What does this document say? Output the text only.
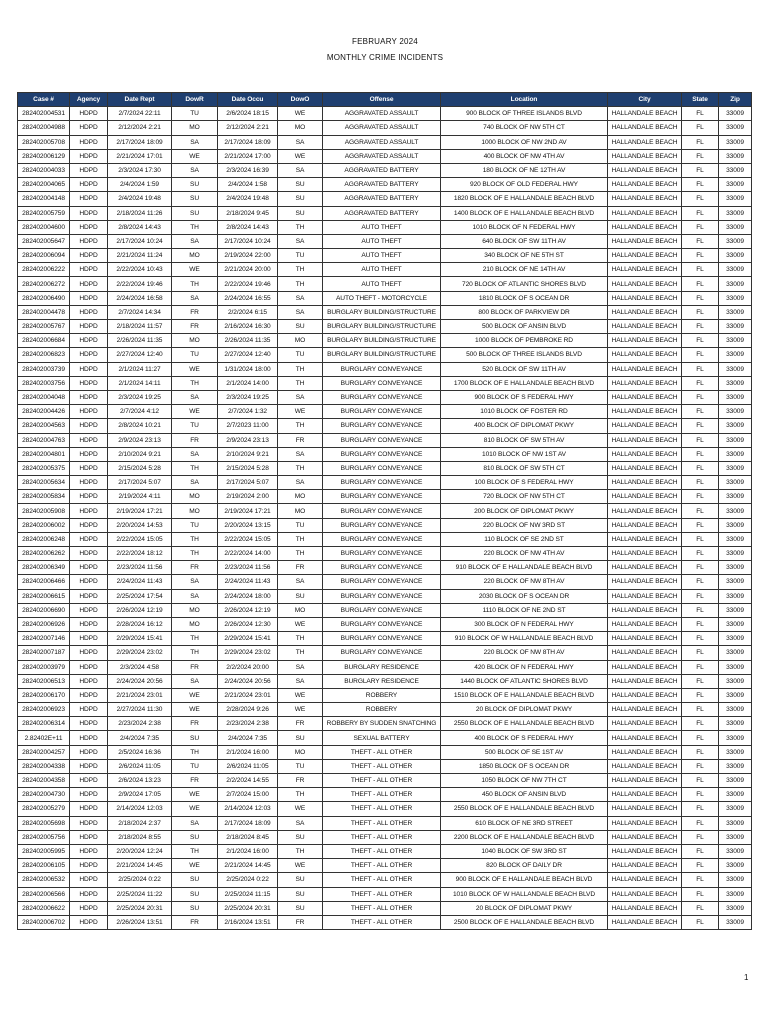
FEBRUARY 2024
MONTHLY CRIME INCIDENTS
Case #	Agency	Date Rept	DowR	Date Occu	DowO	Offense	Location	City	State	Zip
282402004531	HDPD	2/7/2024 22:11	TU	2/6/2024 18:15	WE	AGGRAVATED ASSAULT	900 BLOCK OF THREE ISLANDS BLVD	HALLANDALE BEACH	FL	33009
282402004988	HDPD	2/12/2024 2:21	MO	2/12/2024 2:21	MO	AGGRAVATED ASSAULT	740 BLOCK OF NW 5TH CT	HALLANDALE BEACH	FL	33009
282402005708	HDPD	2/17/2024 18:09	SA	2/17/2024 18:09	SA	AGGRAVATED ASSAULT	1000 BLOCK OF NW 2ND AV	HALLANDALE BEACH	FL	33009
282402006129	HDPD	2/21/2024 17:01	WE	2/21/2024 17:00	WE	AGGRAVATED ASSAULT	400 BLOCK OF NW 4TH AV	HALLANDALE BEACH	FL	33009
282402004033	HDPD	2/3/2024 17:30	SA	2/3/2024 16:39	SA	AGGRAVATED BATTERY	180 BLOCK OF NE 12TH AV	HALLANDALE BEACH	FL	33009
282402004065	HDPD	2/4/2024 1:59	SU	2/4/2024 1:58	SU	AGGRAVATED BATTERY	920 BLOCK OF OLD FEDERAL HWY	HALLANDALE BEACH	FL	33009
282402004148	HDPD	2/4/2024 19:48	SU	2/4/2024 19:48	SU	AGGRAVATED BATTERY	1820 BLOCK OF E HALLANDALE BEACH BLVD	HALLANDALE BEACH	FL	33009
282402005759	HDPD	2/18/2024 11:26	SU	2/18/2024 9:45	SU	AGGRAVATED BATTERY	1400 BLOCK OF E HALLANDALE BEACH BLVD	HALLANDALE BEACH	FL	33009
282402004600	HDPD	2/8/2024 14:43	TH	2/8/2024 14:43	TH	AUTO THEFT	1010 BLOCK OF N FEDERAL HWY	HALLANDALE BEACH	FL	33009
282402005647	HDPD	2/17/2024 10:24	SA	2/17/2024 10:24	SA	AUTO THEFT	640 BLOCK OF SW 11TH AV	HALLANDALE BEACH	FL	33009
282402006094	HDPD	2/21/2024 11:24	MO	2/19/2024 22:00	TU	AUTO THEFT	340 BLOCK OF NE 5TH ST	HALLANDALE BEACH	FL	33009
282402006222	HDPD	2/22/2024 10:43	WE	2/21/2024 20:00	TH	AUTO THEFT	210 BLOCK OF NE 14TH AV	HALLANDALE BEACH	FL	33009
282402006272	HDPD	2/22/2024 19:46	TH	2/22/2024 19:46	TH	AUTO THEFT	720 BLOCK OF ATLANTIC SHORES BLVD	HALLANDALE BEACH	FL	33009
282402006490	HDPD	2/24/2024 16:58	SA	2/24/2024 16:55	SA	AUTO THEFT - MOTORCYCLE	1810 BLOCK OF S OCEAN DR	HALLANDALE BEACH	FL	33009
282402004478	HDPD	2/7/2024 14:34	FR	2/2/2024 6:15	SA	BURGLARY BUILDING/STRUCTURE	800 BLOCK OF PARKVIEW DR	HALLANDALE BEACH	FL	33009
282402005767	HDPD	2/18/2024 11:57	FR	2/16/2024 16:30	SU	BURGLARY BUILDING/STRUCTURE	500 BLOCK OF ANSIN BLVD	HALLANDALE BEACH	FL	33009
282402006684	HDPD	2/26/2024 11:35	MO	2/26/2024 11:35	MO	BURGLARY BUILDING/STRUCTURE	1000 BLOCK OF PEMBROKE RD	HALLANDALE BEACH	FL	33009
282402006823	HDPD	2/27/2024 12:40	TU	2/27/2024 12:40	TU	BURGLARY BUILDING/STRUCTURE	500 BLOCK OF THREE ISLANDS BLVD	HALLANDALE BEACH	FL	33009
282402003739	HDPD	2/1/2024 11:27	WE	1/31/2024 18:00	TH	BURGLARY CONVEYANCE	520 BLOCK OF SW 11TH AV	HALLANDALE BEACH	FL	33009
282402003756	HDPD	2/1/2024 14:11	TH	2/1/2024 14:00	TH	BURGLARY CONVEYANCE	1700 BLOCK OF E HALLANDALE BEACH BLVD	HALLANDALE BEACH	FL	33009
282402004048	HDPD	2/3/2024 19:25	SA	2/3/2024 19:25	SA	BURGLARY CONVEYANCE	900 BLOCK OF S FEDERAL HWY	HALLANDALE BEACH	FL	33009
282402004426	HDPD	2/7/2024 4:12	WE	2/7/2024 1:32	WE	BURGLARY CONVEYANCE	1010 BLOCK OF FOSTER RD	HALLANDALE BEACH	FL	33009
282402004563	HDPD	2/8/2024 10:21	TU	2/7/2023 11:00	TH	BURGLARY CONVEYANCE	400 BLOCK OF DIPLOMAT PKWY	HALLANDALE BEACH	FL	33009
282402004763	HDPD	2/9/2024 23:13	FR	2/9/2024 23:13	FR	BURGLARY CONVEYANCE	810 BLOCK OF SW 5TH AV	HALLANDALE BEACH	FL	33009
282402004801	HDPD	2/10/2024 9:21	SA	2/10/2024 9:21	SA	BURGLARY CONVEYANCE	1010 BLOCK OF NW 1ST AV	HALLANDALE BEACH	FL	33009
282402005375	HDPD	2/15/2024 5:28	TH	2/15/2024 5:28	TH	BURGLARY CONVEYANCE	810 BLOCK OF SW 5TH CT	HALLANDALE BEACH	FL	33009
282402005634	HDPD	2/17/2024 5:07	SA	2/17/2024 5:07	SA	BURGLARY CONVEYANCE	100 BLOCK OF S FEDERAL HWY	HALLANDALE BEACH	FL	33009
282402005834	HDPD	2/19/2024 4:11	MO	2/19/2024 2:00	MO	BURGLARY CONVEYANCE	720 BLOCK OF NW 5TH CT	HALLANDALE BEACH	FL	33009
282402005908	HDPD	2/19/2024 17:21	MO	2/19/2024 17:21	MO	BURGLARY CONVEYANCE	200 BLOCK OF DIPLOMAT PKWY	HALLANDALE BEACH	FL	33009
282402006002	HDPD	2/20/2024 14:53	TU	2/20/2024 13:15	TU	BURGLARY CONVEYANCE	220 BLOCK OF NW 3RD ST	HALLANDALE BEACH	FL	33009
282402006248	HDPD	2/22/2024 15:05	TH	2/22/2024 15:05	TH	BURGLARY CONVEYANCE	110 BLOCK OF SE 2ND ST	HALLANDALE BEACH	FL	33009
282402006262	HDPD	2/22/2024 18:12	TH	2/22/2024 14:00	TH	BURGLARY CONVEYANCE	220 BLOCK OF NW 4TH AV	HALLANDALE BEACH	FL	33009
282402006349	HDPD	2/23/2024 11:56	FR	2/23/2024 11:56	FR	BURGLARY CONVEYANCE	910 BLOCK OF E HALLANDALE BEACH BLVD	HALLANDALE BEACH	FL	33009
282402006466	HDPD	2/24/2024 11:43	SA	2/24/2024 11:43	SA	BURGLARY CONVEYANCE	220 BLOCK OF NW 8TH AV	HALLANDALE BEACH	FL	33009
282402006615	HDPD	2/25/2024 17:54	SA	2/24/2024 18:00	SU	BURGLARY CONVEYANCE	2030 BLOCK OF S OCEAN DR	HALLANDALE BEACH	FL	33009
282402006690	HDPD	2/26/2024 12:19	MO	2/26/2024 12:19	MO	BURGLARY CONVEYANCE	1110 BLOCK OF NE 2ND ST	HALLANDALE BEACH	FL	33009
282402006926	HDPD	2/28/2024 16:12	MO	2/26/2024 12:30	WE	BURGLARY CONVEYANCE	300 BLOCK OF N FEDERAL HWY	HALLANDALE BEACH	FL	33009
282402007146	HDPD	2/29/2024 15:41	TH	2/29/2024 15:41	TH	BURGLARY CONVEYANCE	910 BLOCK OF W HALLANDALE BEACH BLVD	HALLANDALE BEACH	FL	33009
282402007187	HDPD	2/29/2024 23:02	TH	2/29/2024 23:02	TH	BURGLARY CONVEYANCE	220 BLOCK OF NW 8TH AV	HALLANDALE BEACH	FL	33009
282402003979	HDPD	2/3/2024 4:58	FR	2/2/2024 20:00	SA	BURGLARY RESIDENCE	420 BLOCK OF N FEDERAL HWY	HALLANDALE BEACH	FL	33009
282402006513	HDPD	2/24/2024 20:56	SA	2/24/2024 20:56	SA	BURGLARY RESIDENCE	1440 BLOCK OF ATLANTIC SHORES BLVD	HALLANDALE BEACH	FL	33009
282402006170	HDPD	2/21/2024 23:01	WE	2/21/2024 23:01	WE	ROBBERY	1510 BLOCK OF E HALLANDALE BEACH BLVD	HALLANDALE BEACH	FL	33009
282402006923	HDPD	2/27/2024 11:30	WE	2/28/2024 9:26	WE	ROBBERY	20 BLOCK OF DIPLOMAT PKWY	HALLANDALE BEACH	FL	33009
282402006314	HDPD	2/23/2024 2:38	FR	2/23/2024 2:38	FR	ROBBERY BY SUDDEN SNATCHING	2550 BLOCK OF E HALLANDALE BEACH BLVD	HALLANDALE BEACH	FL	33009
2.82402E+11	HDPD	2/4/2024 7:35	SU	2/4/2024 7:35	SU	SEXUAL BATTERY	400 BLOCK OF S FEDERAL HWY	HALLANDALE BEACH	FL	33009
282402004257	HDPD	2/5/2024 16:36	TH	2/1/2024 16:00	MO	THEFT - ALL OTHER	500 BLOCK OF SE 1ST AV	HALLANDALE BEACH	FL	33009
282402004338	HDPD	2/6/2024 11:05	TU	2/6/2024 11:05	TU	THEFT - ALL OTHER	1850 BLOCK OF S OCEAN DR	HALLANDALE BEACH	FL	33009
282402004358	HDPD	2/6/2024 13:23	FR	2/2/2024 14:55	FR	THEFT - ALL OTHER	1050 BLOCK OF NW 7TH CT	HALLANDALE BEACH	FL	33009
282402004730	HDPD	2/9/2024 17:05	WE	2/7/2024 15:00	TH	THEFT - ALL OTHER	450 BLOCK OF ANSIN BLVD	HALLANDALE BEACH	FL	33009
282402005279	HDPD	2/14/2024 12:03	WE	2/14/2024 12:03	WE	THEFT - ALL OTHER	2550 BLOCK OF E HALLANDALE BEACH BLVD	HALLANDALE BEACH	FL	33009
282402005698	HDPD	2/18/2024 2:37	SA	2/17/2024 18:09	SA	THEFT - ALL OTHER	610 BLOCK OF NE 3RD STREET	HALLANDALE BEACH	FL	33009
282402005756	HDPD	2/18/2024 8:55	SU	2/18/2024 8:45	SU	THEFT - ALL OTHER	2200 BLOCK OF E HALLANDALE BEACH BLVD	HALLANDALE BEACH	FL	33009
282402005995	HDPD	2/20/2024 12:24	TH	2/1/2024 16:00	TH	THEFT - ALL OTHER	1040 BLOCK OF SW 3RD ST	HALLANDALE BEACH	FL	33009
282402006105	HDPD	2/21/2024 14:45	WE	2/21/2024 14:45	WE	THEFT - ALL OTHER	820 BLOCK OF DAILY DR	HALLANDALE BEACH	FL	33009
282402006532	HDPD	2/25/2024 0:22	SU	2/25/2024 0:22	SU	THEFT - ALL OTHER	900 BLOCK OF E HALLANDALE BEACH BLVD	HALLANDALE BEACH	FL	33009
282402006566	HDPD	2/25/2024 11:22	SU	2/25/2024 11:15	SU	THEFT - ALL OTHER	1010 BLOCK OF W HALLANDALE BEACH BLVD	HALLANDALE BEACH	FL	33009
282402006622	HDPD	2/25/2024 20:31	SU	2/25/2024 20:31	SU	THEFT - ALL OTHER	20 BLOCK OF DIPLOMAT PKWY	HALLANDALE BEACH	FL	33009
282402006702	HDPD	2/26/2024 13:51	FR	2/16/2024 13:51	FR	THEFT - ALL OTHER	2500 BLOCK OF E HALLANDALE BEACH BLVD	HALLANDALE BEACH	FL	33009
1
